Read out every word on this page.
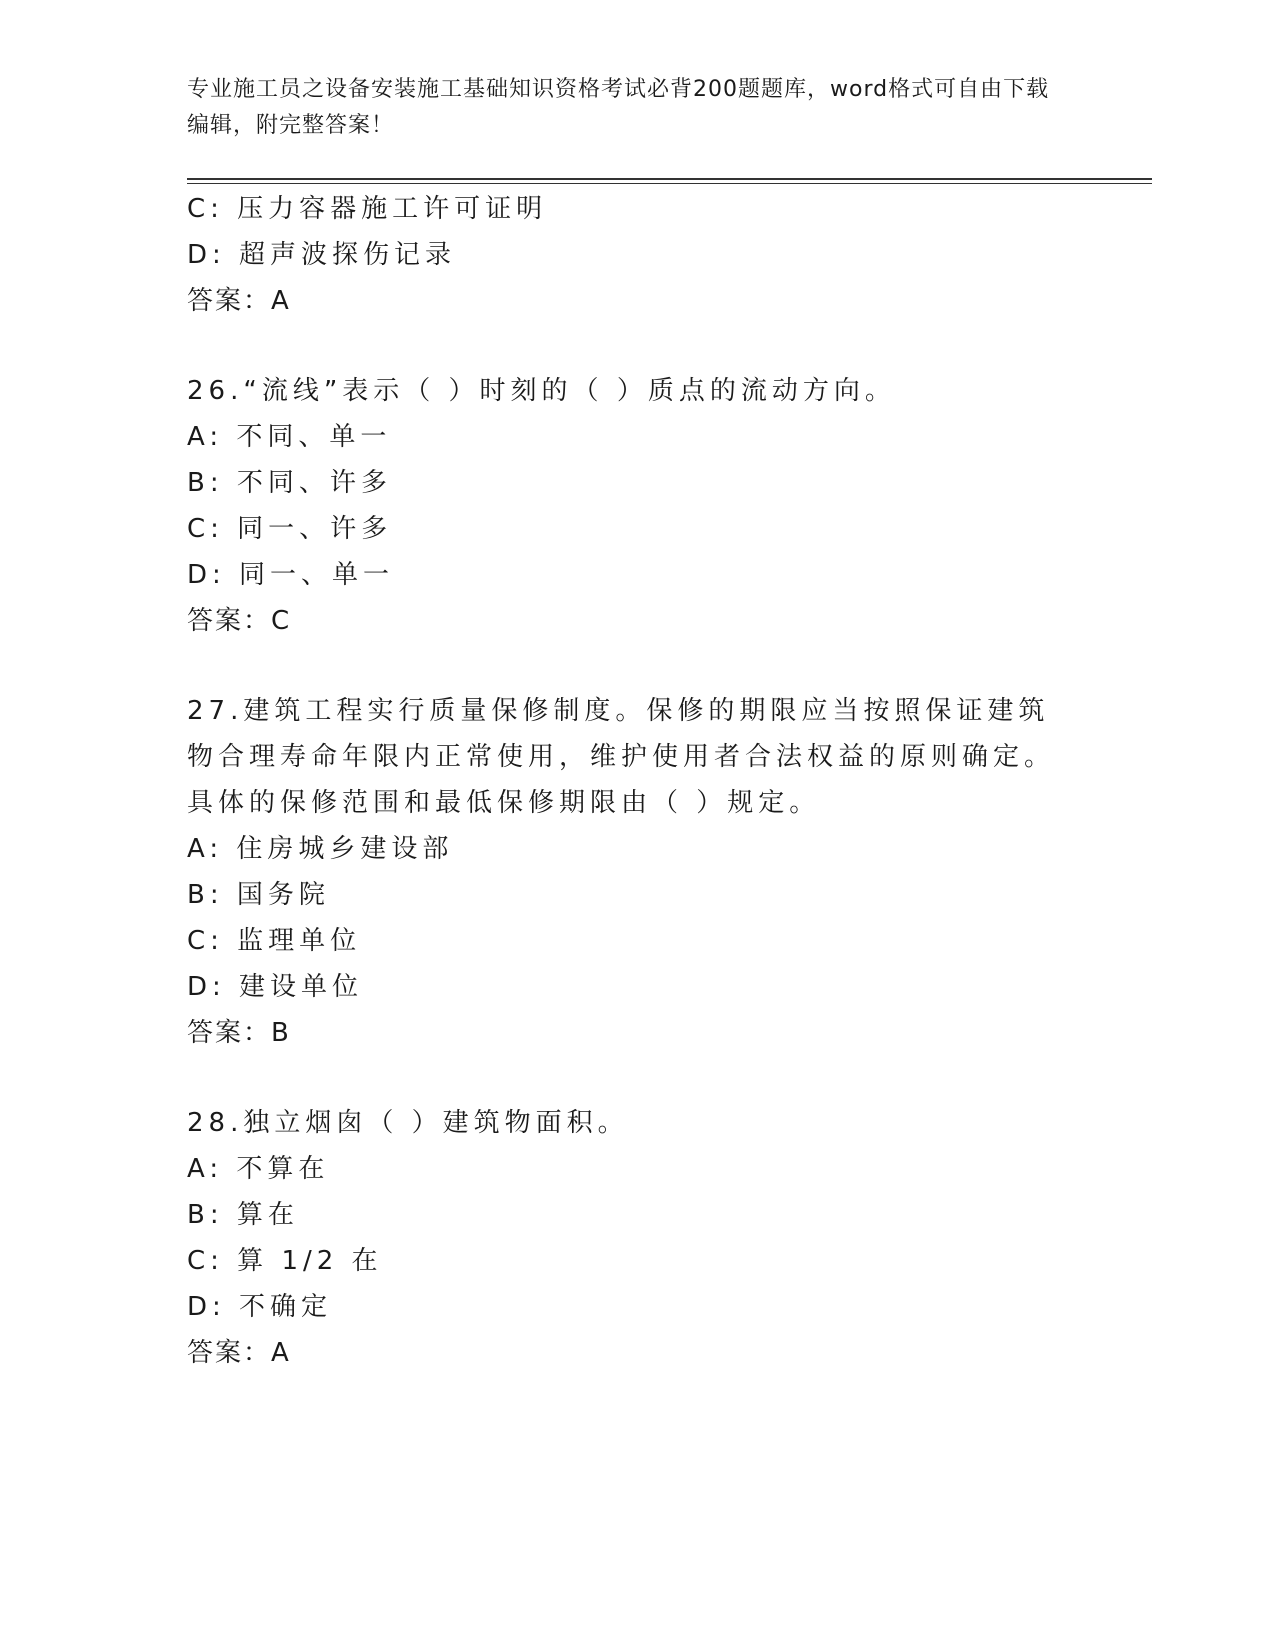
专业施工员之设备安装施工基础知识资格考试必背200题题库，word格式可自由下载编辑，附完整答案！
C: 压力容器施工许可证明
D: 超声波探伤记录
答案：A
26.“流线”表示（ ）时刻的（ ）质点的流动方向。
A: 不同、单一
B: 不同、许多
C: 同一、许多
D: 同一、单一
答案：C
27.建筑工程实行质量保修制度。保修的期限应当按照保证建筑物合理寿命年限内正常使用，维护使用者合法权益的原则确定。具体的保修范围和最低保修期限由（ ）规定。
A: 住房城乡建设部
B: 国务院
C: 监理单位
D: 建设单位
答案：B
28.独立烟囱（ ）建筑物面积。
A: 不算在
B: 算在
C: 算 1/2 在
D: 不确定
答案：A
